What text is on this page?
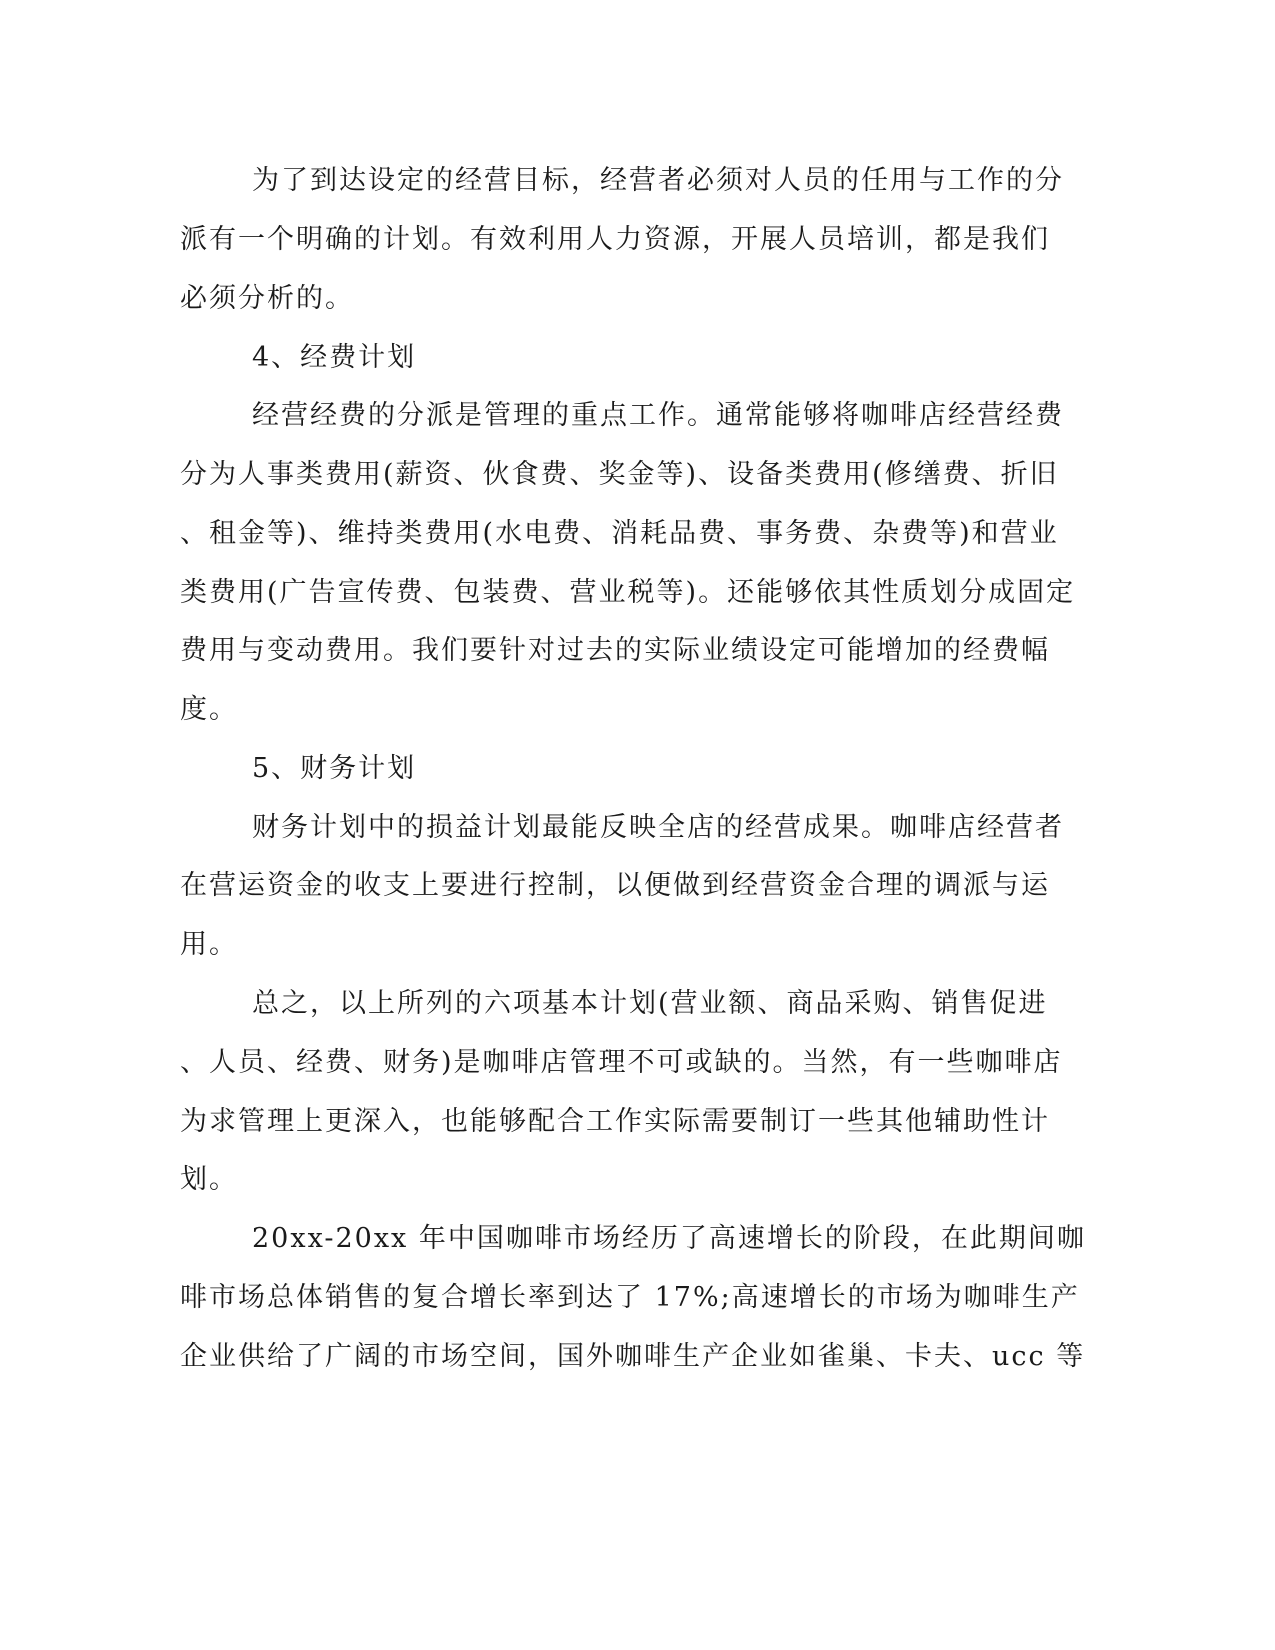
为了到达设定的经营目标，经营者必须对人员的任用与工作的分
派有一个明确的计划。有效利用人力资源，开展人员培训，都是我们
必须分析的。
4、经费计划
经营经费的分派是管理的重点工作。通常能够将咖啡店经营经费
分为人事类费用(薪资、伙食费、奖金等)、设备类费用(修缮费、折旧
、租金等)、维持类费用(水电费、消耗品费、事务费、杂费等)和营业
类费用(广告宣传费、包装费、营业税等)。还能够依其性质划分成固定
费用与变动费用。我们要针对过去的实际业绩设定可能增加的经费幅
度。
5、财务计划
财务计划中的损益计划最能反映全店的经营成果。咖啡店经营者
在营运资金的收支上要进行控制，以便做到经营资金合理的调派与运
用。
总之，以上所列的六项基本计划(营业额、商品采购、销售促进
、人员、经费、财务)是咖啡店管理不可或缺的。当然，有一些咖啡店
为求管理上更深入，也能够配合工作实际需要制订一些其他辅助性计
划。
20xx-20xx 年中国咖啡市场经历了高速增长的阶段，在此期间咖
啡市场总体销售的复合增长率到达了 17%;高速增长的市场为咖啡生产
企业供给了广阔的市场空间，国外咖啡生产企业如雀巢、卡夫、ucc 等
